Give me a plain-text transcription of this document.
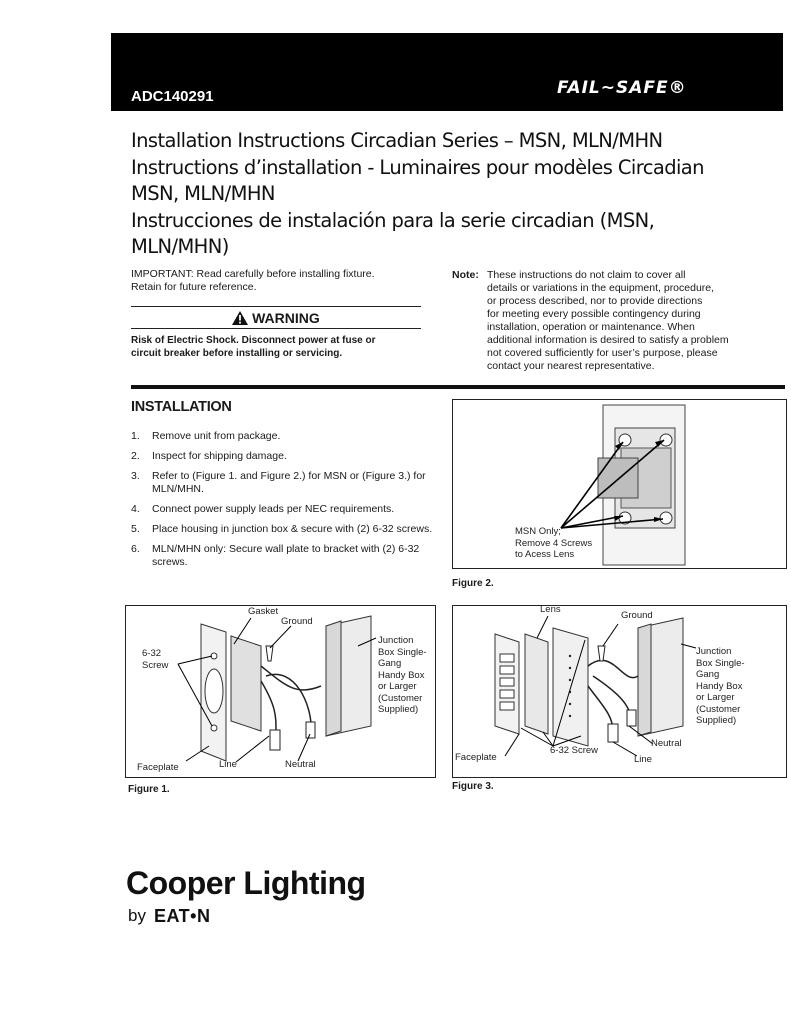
ADC140291	FAIL~SAFE®
Installation Instructions Circadian Series – MSN, MLN/MHN
Instructions d’installation - Luminaires pour modèles Circadian
MSN, MLN/MHN
Instrucciones de instalación para la serie circadian (MSN,
MLN/MHN)
IMPORTANT: Read carefully before installing fixture.
Retain for future reference.
WARNING
Risk of Electric Shock. Disconnect power at fuse or
circuit breaker before installing or servicing.
Note: These instructions do not claim to cover all
details or variations in the equipment, procedure,
or process described, nor to provide directions
for meeting every possible contingency during
installation, operation or maintenance. When
additional information is desired to satisfy a problem
not covered sufficiently for user’s purpose, please
contact your nearest representative.
INSTALLATION
1.	Remove unit from package.
2.	Inspect for shipping damage.
3.	Refer to (Figure 1. and Figure 2.) for MSN or (Figure 3.) for MLN/MHN.
4.	Connect power supply leads per NEC requirements.
5.	Place housing in junction box & secure with (2) 6-32 screws.
6.	MLN/MHN only: Secure wall plate to bracket with (2) 6-32 screws.
MSN Only;
Remove 4 Screws
to Acess Lens
Figure 2.
Gasket
Ground
6-32
Screw
Junction
Box Single-
Gang
Handy Box
or Larger
(Customer
Supplied)
Faceplate	Line	Neutral
Figure 1.
Lens
Ground
Junction
Box Single-
Gang
Handy Box
or Larger
(Customer
Supplied)
Neutral
6-32 Screw
Faceplate	Line
Figure 3.
Cooper Lighting
by EAT•N
